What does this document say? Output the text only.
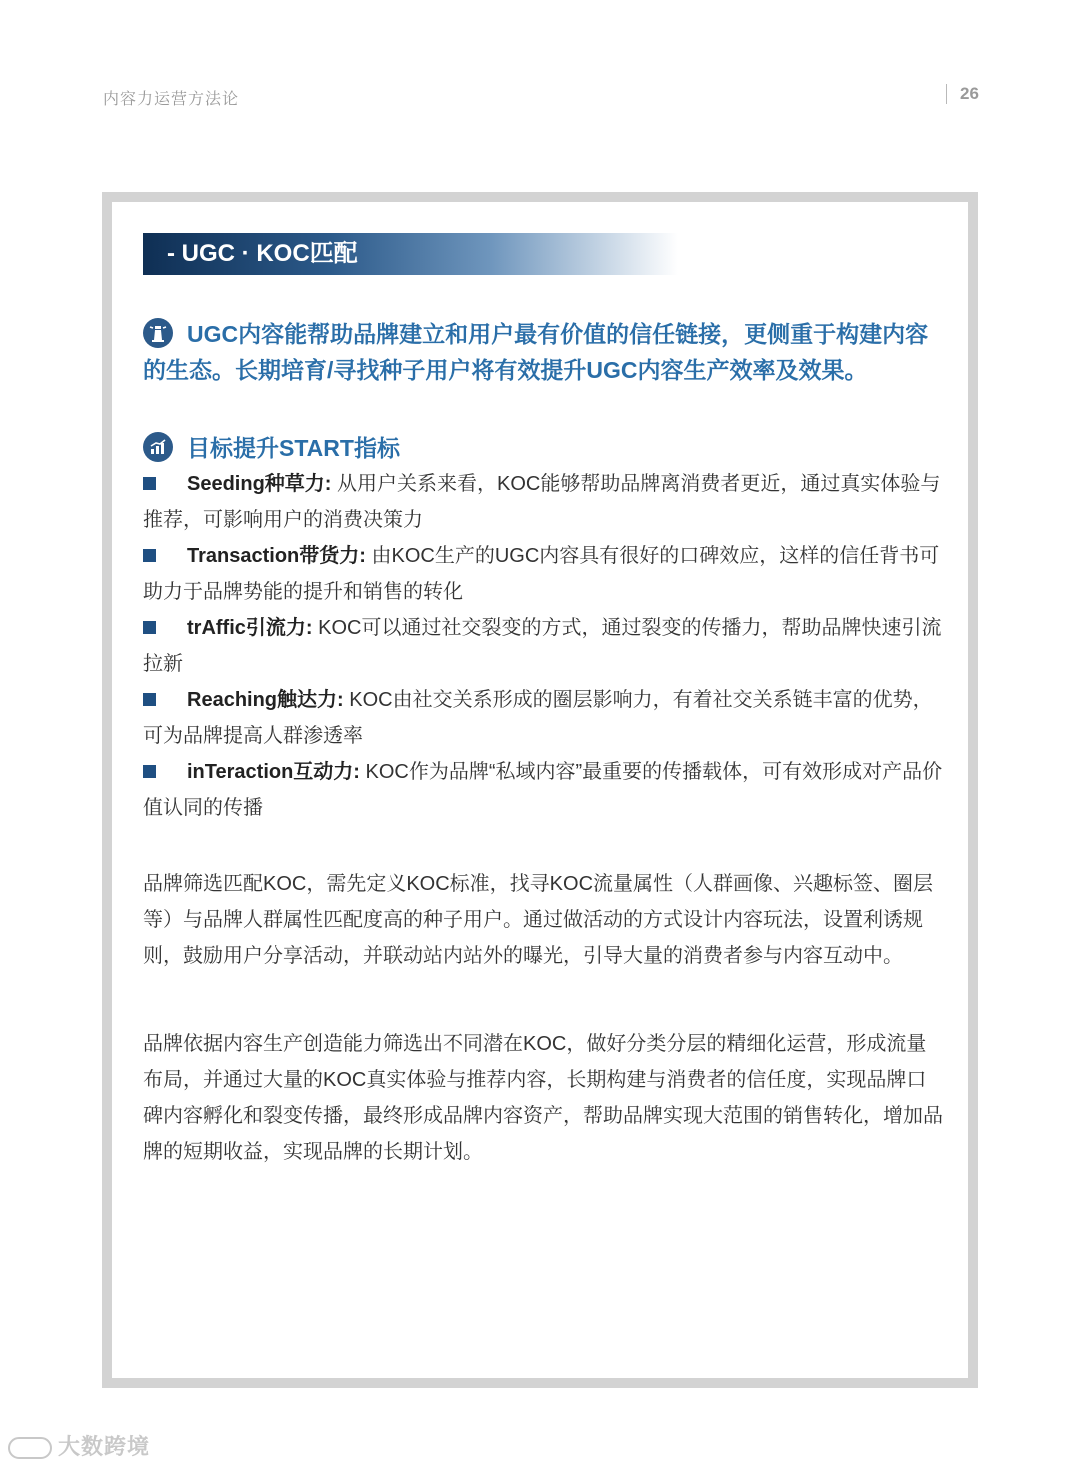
内容力运营方法论	26
- UGC · KOC匹配
UGC内容能帮助品牌建立和用户最有价值的信任链接，更侧重于构建内容的生态。长期培育/寻找种子用户将有效提升UGC内容生产效率及效果。
目标提升START指标
Seeding种草力: 从用户关系来看，KOC能够帮助品牌离消费者更近，通过真实体验与推荐，可影响用户的消费决策力
Transaction带货力: 由KOC生产的UGC内容具有很好的口碑效应，这样的信任背书可助力于品牌势能的提升和销售的转化
trAffic引流力: KOC可以通过社交裂变的方式，通过裂变的传播力，帮助品牌快速引流拉新
Reaching触达力: KOC由社交关系形成的圈层影响力，有着社交关系链丰富的优势，可为品牌提高人群渗透率
inTeraction互动力: KOC作为品牌“私域内容”最重要的传播载体，可有效形成对产品价值认同的传播

品牌筛选匹配KOC，需先定义KOC标准，找寻KOC流量属性（人群画像、兴趣标签、圈层等）与品牌人群属性匹配度高的种子用户。通过做活动的方式设计内容玩法，设置利诱规则，鼓励用户分享活动，并联动站内站外的曝光，引导大量的消费者参与内容互动中。

品牌依据内容生产创造能力筛选出不同潜在KOC，做好分类分层的精细化运营，形成流量布局，并通过大量的KOC真实体验与推荐内容，长期构建与消费者的信任度，实现品牌口碑内容孵化和裂变传播，最终形成品牌内容资产，帮助品牌实现大范围的销售转化，增加品牌的短期收益，实现品牌的长期计划。

大数跨境
